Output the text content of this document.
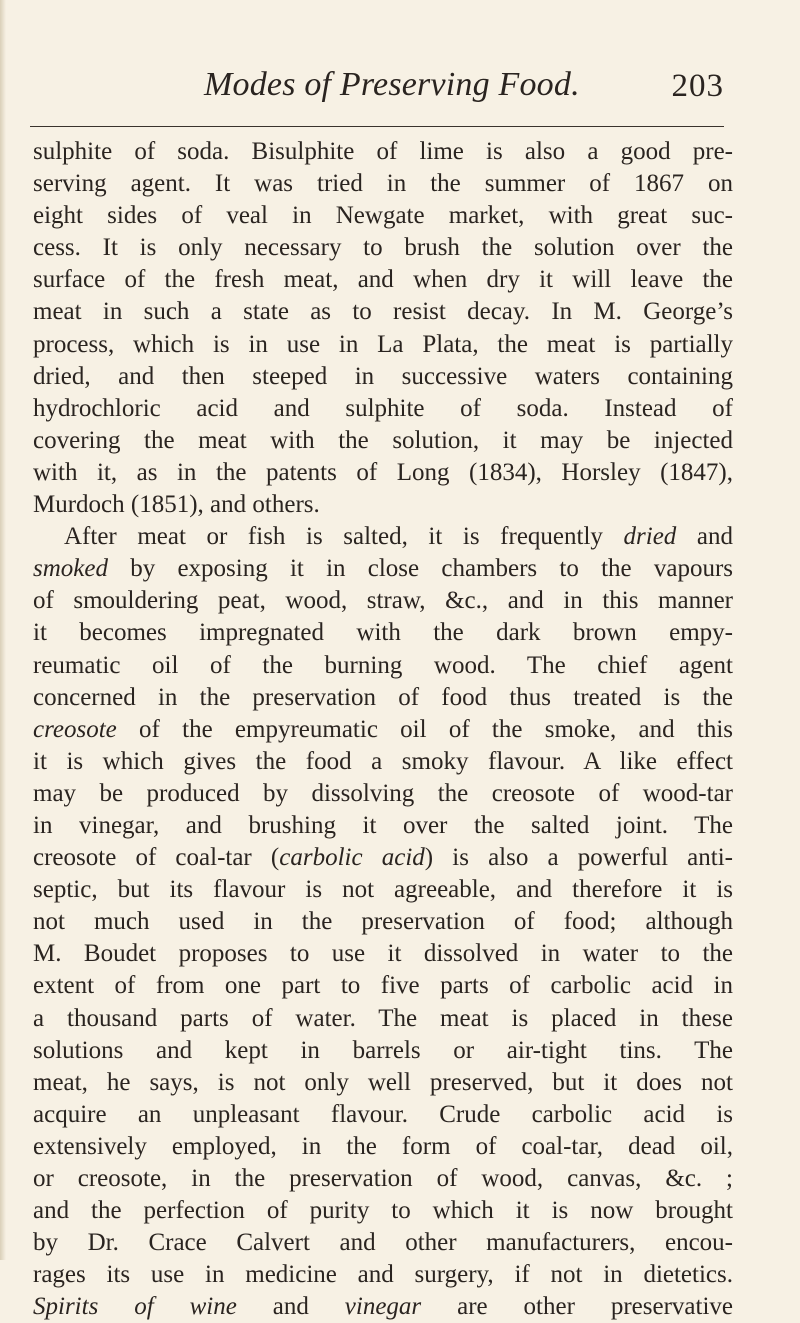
Modes of Preserving Food.	203
sulphite of soda. Bisulphite of lime is also a good pre-
serving agent. It was tried in the summer of 1867 on
eight sides of veal in Newgate market, with great suc-
cess. It is only necessary to brush the solution over the
surface of the fresh meat, and when dry it will leave the
meat in such a state as to resist decay. In M. George’s
process, which is in use in La Plata, the meat is partially
dried, and then steeped in successive waters containing
hydrochloric acid and sulphite of soda. Instead of
covering the meat with the solution, it may be injected
with it, as in the patents of Long (1834), Horsley (1847),
Murdoch (1851), and others.
After meat or fish is salted, it is frequently dried and
smoked by exposing it in close chambers to the vapours
of smouldering peat, wood, straw, &c., and in this manner
it becomes impregnated with the dark brown empy-
reumatic oil of the burning wood. The chief agent
concerned in the preservation of food thus treated is the
creosote of the empyreumatic oil of the smoke, and this
it is which gives the food a smoky flavour. A like effect
may be produced by dissolving the creosote of wood-tar
in vinegar, and brushing it over the salted joint. The
creosote of coal-tar (carbolic acid) is also a powerful anti-
septic, but its flavour is not agreeable, and therefore it is
not much used in the preservation of food; although
M. Boudet proposes to use it dissolved in water to the
extent of from one part to five parts of carbolic acid in
a thousand parts of water. The meat is placed in these
solutions and kept in barrels or air-tight tins. The
meat, he says, is not only well preserved, but it does not
acquire an unpleasant flavour. Crude carbolic acid is
extensively employed, in the form of coal-tar, dead oil,
or creosote, in the preservation of wood, canvas, &c. ;
and the perfection of purity to which it is now brought
by Dr. Crace Calvert and other manufacturers, encou-
rages its use in medicine and surgery, if not in dietetics.
Spirits of wine and vinegar are other preservative
